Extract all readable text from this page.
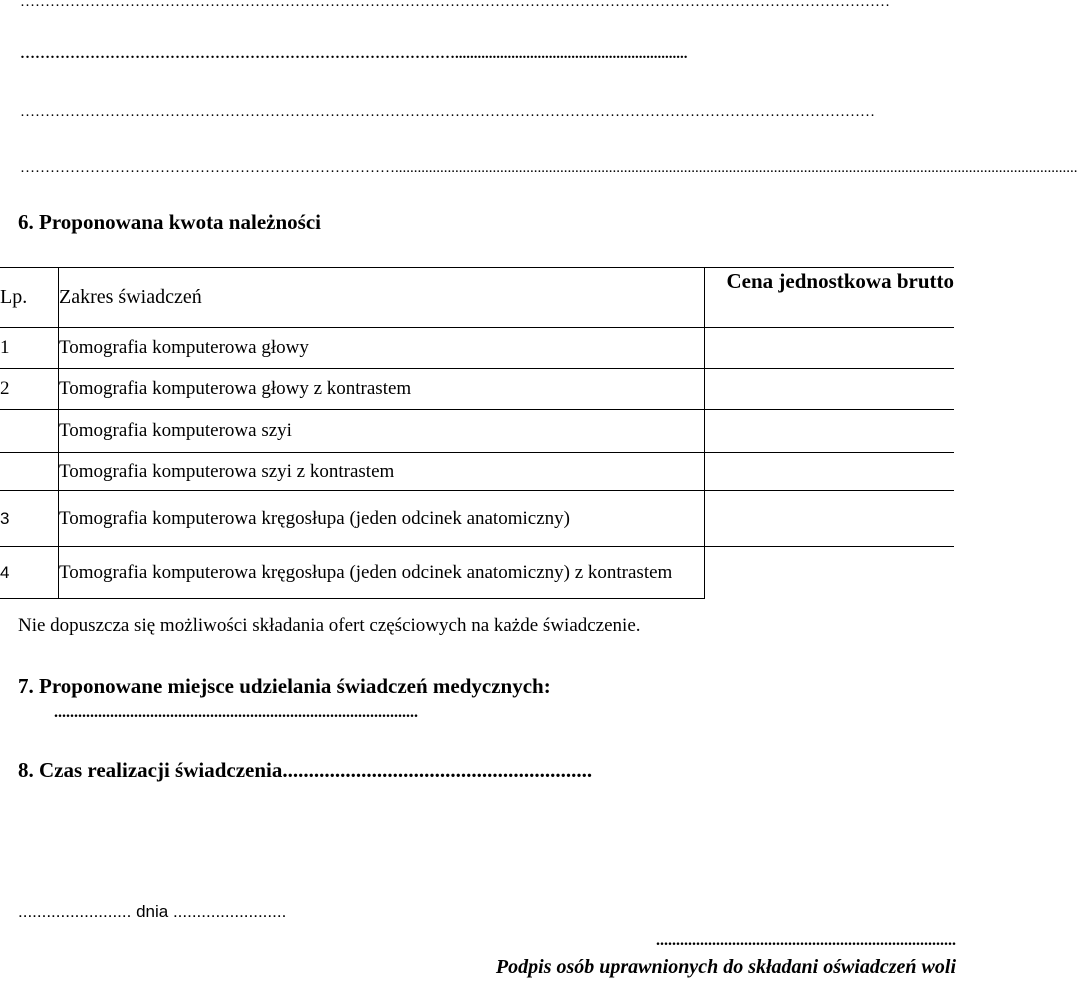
…………………………………………………………………………………………………………………………………………………………
……………………………………………………………………………..............................................................
………………………………………………………………………………………………………………………………………………………
…………………………………………………………………......................................................................................................................................................................................
6. Proponowana kwota należności
Lp.	Zakres świadczeń	Cena jednostkowa brutto
1	Tomografia komputerowa głowy	
2	Tomografia komputerowa głowy z kontrastem	
	Tomografia komputerowa szyi	
	Tomografia komputerowa szyi z kontrastem	
3	Tomografia komputerowa kręgosłupa (jeden odcinek anatomiczny)	
4	Tomografia komputerowa kręgosłupa (jeden odcinek anatomiczny) z kontrastem	
Nie dopuszcza się możliwości składania ofert częściowych na każde świadczenie.
7. Proponowane miejsce udzielania świadczeń medycznych:
...........................................................................................
8. Czas realizacji świadczenia...........................................................
........................ dnia ........................
...........................................................................
Podpis osób uprawnionych do składani oświadczeń woli
